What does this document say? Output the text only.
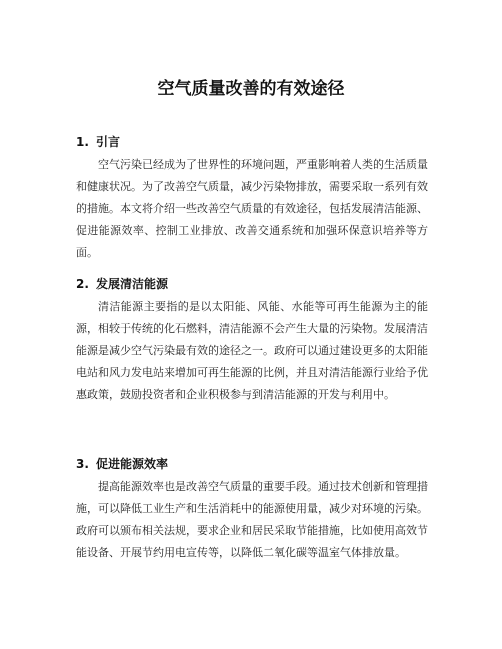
空气质量改善的有效途径
1. 引言

空气污染已经成为了世界性的环境问题，严重影响着人类的生活质量和健康状况。为了改善空气质量，减少污染物排放，需要采取一系列有效的措施。本文将介绍一些改善空气质量的有效途径，包括发展清洁能源、促进能源效率、控制工业排放、改善交通系统和加强环保意识培养等方面。

2. 发展清洁能源

清洁能源主要指的是以太阳能、风能、水能等可再生能源为主的能源，相较于传统的化石燃料，清洁能源不会产生大量的污染物。发展清洁能源是减少空气污染最有效的途径之一。政府可以通过建设更多的太阳能电站和风力发电站来增加可再生能源的比例，并且对清洁能源行业给予优惠政策，鼓励投资者和企业积极参与到清洁能源的开发与利用中。

3. 促进能源效率

提高能源效率也是改善空气质量的重要手段。通过技术创新和管理措施，可以降低工业生产和生活消耗中的能源使用量，减少对环境的污染。政府可以颁布相关法规，要求企业和居民采取节能措施，比如使用高效节能设备、开展节约用电宣传等，以降低二氧化碳等温室气体排放量。
